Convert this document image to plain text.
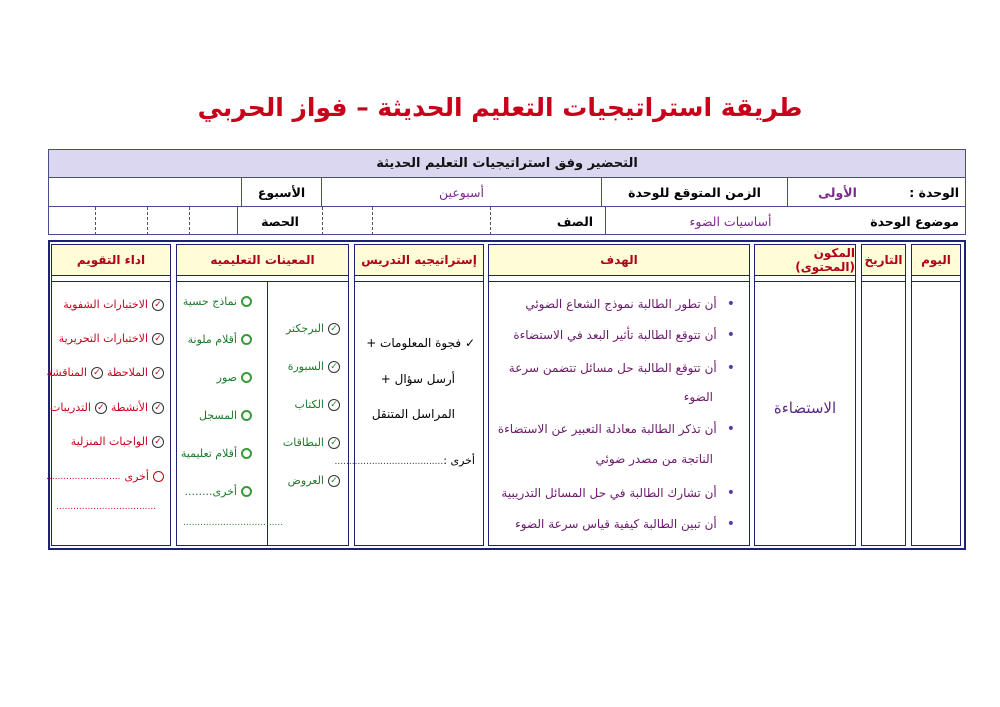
طريقة استراتيجيات التعليم الحديثة – فواز الحربي
التحضير وفق استراتيجيات التعليم الحديثة
الوحدة :
الأولى
الزمن المتوقع للوحدة
أسبوعين
الأسبوع
موضوع الوحدة
أساسيات الضوء
الصف
الحصة
اليوم
التاريخ
المكون (المحتوى)
الاستضاءة
الهدف
• أن تطور الطالبة نموذج الشعاع الضوئي
• أن تتوقع الطالبة تأثير البعد في الاستضاءة
• أن تتوقع الطالبة حل مسائل تتضمن سرعة
الضوء
• أن تذكر الطالبة معادلة التعبير عن الاستضاءة
الناتجة من مصدر ضوئي
• أن تشارك الطالبة في حل المسائل التدريبية
• أن تبين الطالبة كيفية قياس سرعة الضوء
إستراتيجيه التدريس
✓ فجوة المعلومات +
أرسل سؤال +
المراسل المتنقل
أخرى :......................................
المعينات التعليميه
✓
البرجكتر
✓
السبورة
✓
الكتاب
✓
البطاقات
✓
العروض
نماذج حسية
أقلام ملونة
صور
المسجل
أقلام تعليمية
أخرى........
...................................
اداء التقويم
✓
الاختبارات الشفوية
✓
الاختبارات التحريرية
✓
الملاحظة
✓
المناقشة
✓
الأنشطة
✓
التدريبات
✓
الواجبات المنزلية
أخرى
..........................
...................................
